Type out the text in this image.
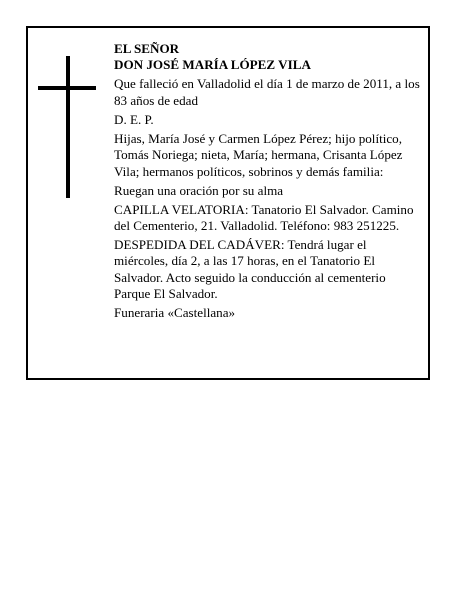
EL SEÑOR
DON JOSÉ MARÍA LÓPEZ VILA

Que falleció en Valladolid el día 1 de marzo de 2011, a los 83 años de edad

D. E. P.

Hijas, María José y Carmen López Pérez; hijo político, Tomás Noriega; nieta, María; hermana, Crisanta López Vila; hermanos políticos, sobrinos y demás familia:

Ruegan una oración por su alma

CAPILLA VELATORIA: Tanatorio El Salvador. Camino del Cementerio, 21. Valladolid. Teléfono: 983 251225.

DESPEDIDA DEL CADÁVER: Tendrá lugar el miércoles, día 2, a las 17 horas, en el Tanatorio El Salvador. Acto seguido la conducción al cementerio Parque El Salvador.

Funeraria «Castellana»
